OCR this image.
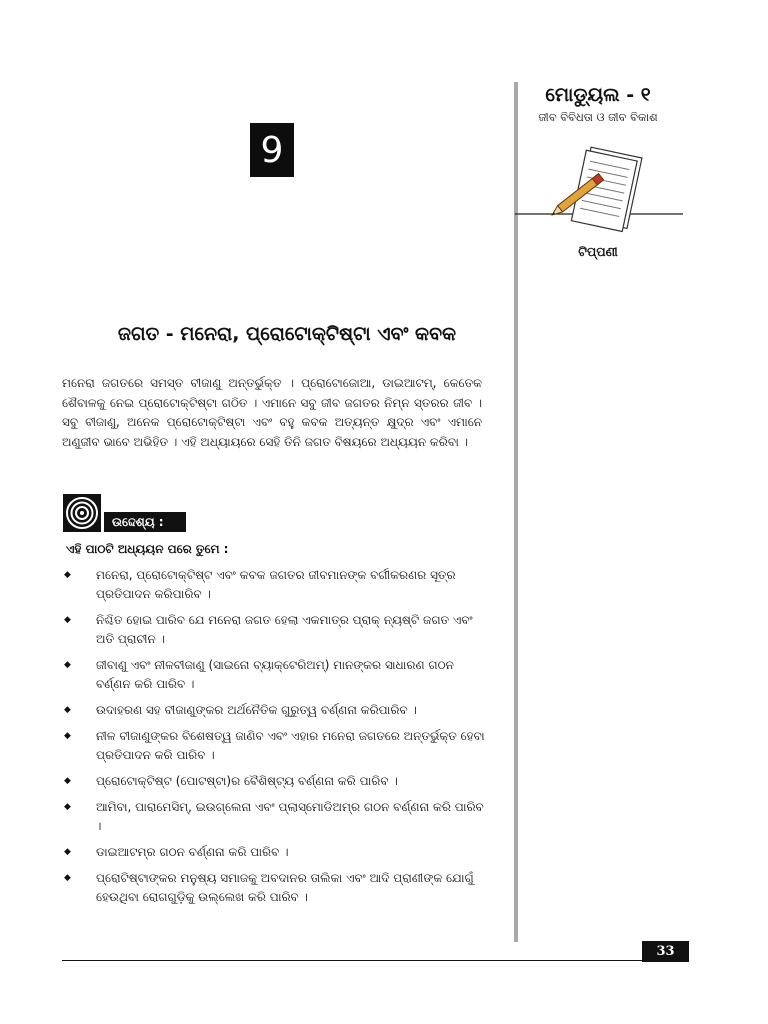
9
ମୋଡ୍ୟୁଲ - ୧
ଜୀବ ବିବିଧତା ଓ ଜୀବ ବିକାଶ
ଟିପ୍ପଣୀ
ଜଗତ - ମନେରା, ପ୍ରୋଟୋକ୍ଟିଷ୍ଟା ଏବଂ କବକ
ମନେରା ଜଗତରେ ସମସ୍ତ ବୀଜାଣୁ ଅନ୍ତର୍ଭୁକ୍ତ । ପ୍ରୋଟୋଜୋଆ, ଡାଇଆଟମ୍, କେତେକ ଶୈବାଳକୁ ନେଇ ପ୍ରୋଟୋକ୍ଟିଷ୍ଟା ଗଠିତ । ଏମାନେ ସବୁ ଜୀବ ଜଗତର ନିମ୍ନ ସ୍ତରର ଜୀବ । ସବୁ ବୀଜାଣୁ, ଅନେକ ପ୍ରୋଟୋକ୍ଟିଷ୍ଟା ଏବଂ ବହୁ କବକ ଅତ୍ୟନ୍ତ କ୍ଷୁଦ୍ର ଏବଂ ଏମାନେ ଅଣୁଜୀବ ଭାବେ ଅଭିହିତ । ଏହି ଅଧ୍ୟାୟରେ ସେହି ତିନି ଜଗତ ବିଷୟରେ ଅଧ୍ୟୟନ କରିବା ।
ଉଦ୍ଦେଶ୍ୟ :
ଏହି ପାଠଟି ଅଧ୍ୟୟନ ପରେ ତୁମେ :
◆ ମନେରା, ପ୍ରୋଟୋକ୍ଟିଷ୍ଟ ଏବଂ କବକ ଜଗତର ଜୀବମାନଙ୍କ ବର୍ଗୀକରଣର ସୂତ୍ର ପ୍ରତିପାଦନ କରିପାରିବ ।
◆ ନିଶ୍ଚିତ ହୋଇ ପାରିବ ଯେ ମନେରା ଜଗତ ହେଲା ଏକମାତ୍ର ପ୍ରାକ୍ ନ୍ୟଷ୍ଟି ଜଗତ ଏବଂ ଅତି ପ୍ରାଚୀନ ।
◆ ଜୀବାଣୁ ଏବଂ ନୀଳବୀଜାଣୁ (ସାଇନୋ ବ୍ୟାକ୍ଟେରିଅମ୍) ମାନଙ୍କର ସାଧାରଣ ଗଠନ ବର୍ଣ୍ଣନ କରି ପାରିବ ।
◆ ଉଦାହରଣ ସହ ବୀଜାଣୁଙ୍କର ଅର୍ଥନୈତିକ ଗୁରୁତ୍ୱ ବର୍ଣ୍ଣନା କରିପାରିବ ।
◆ ନୀଳ ବୀଜାଣୁଙ୍କର ବିଶେଷତ୍ୱ ଜାଣିବ ଏବଂ ଏହାର ମନେରା ଜଗତରେ ଅନ୍ତର୍ଭୁକ୍ତ ହେବା ପ୍ରତିପାଦନ କରି ପାରିବ ।
◆ ପ୍ରୋଟୋକ୍ଟିଷ୍ଟ (ପୋଟଷ୍ଟା)ର ବୈଶିଷ୍ଟ୍ୟ ବର୍ଣ୍ଣନା କରି ପାରିବ ।
◆ ଆମିବା, ପାରାମେସିମ୍, ଇଉଗ୍ଲେନା ଏବଂ ପ୍ଲାସ୍ମୋଡିଅମ୍‌ର ଗଠନ ବର୍ଣ୍ଣନା କରି ପାରିବ ।
◆ ଡାଇଆଟମ୍‌ର ଗଠନ ବର୍ଣ୍ଣନା କରି ପାରିବ ।
◆ ପ୍ରୋଟିଷ୍ଟାଙ୍କର ମନୁଷ୍ୟ ସମାଜକୁ ଅବଦାନର ତାଲିକା ଏବଂ ଆଦି ପ୍ରାଣୀଙ୍କ ଯୋଗୁଁ ହେଉଥିବା ରୋଗଗୁଡ଼ିକୁ ଉଲ୍ଲେଖ କରି ପାରିବ ।
33
